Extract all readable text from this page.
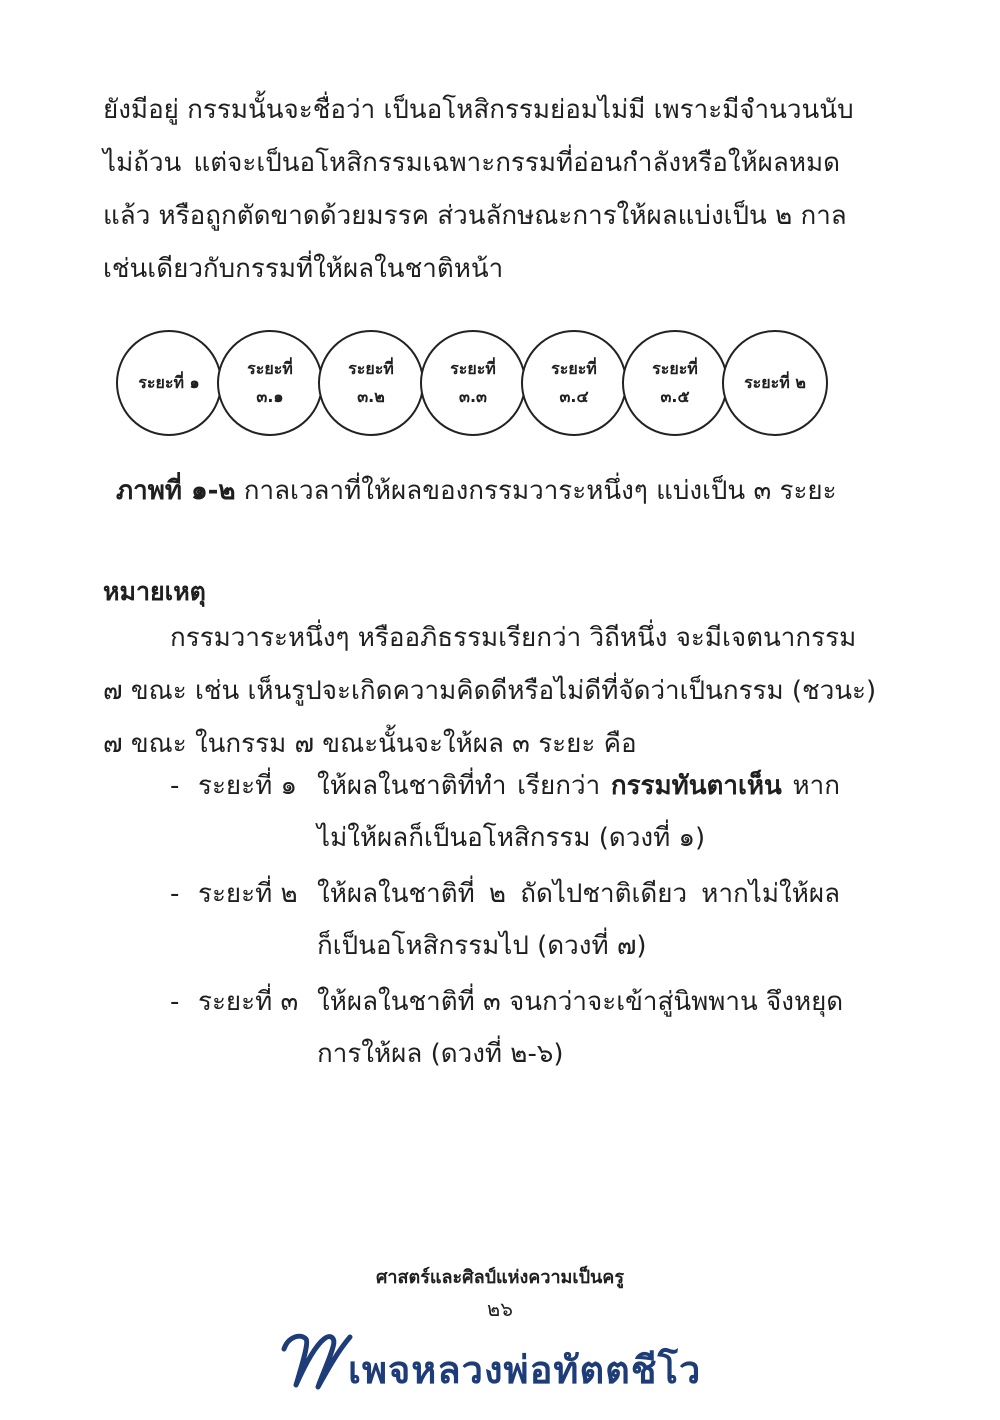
ยังมีอยู่ กรรมนั้นจะชื่อว่า เป็นอโหสิกรรมย่อมไม่มี เพราะมีจำนวนนับ
ไม่ถ้วน แต่จะเป็นอโหสิกรรมเฉพาะกรรมที่อ่อนกำลังหรือให้ผลหมด
แล้ว หรือถูกตัดขาดด้วยมรรค ส่วนลักษณะการให้ผลแบ่งเป็น ๒ กาล
เช่นเดียวกับกรรมที่ให้ผลในชาติหน้า
ระยะที่ ๑
ระยะที่
๓.๑
ระยะที่
๓.๒
ระยะที่
๓.๓
ระยะที่
๓.๔
ระยะที่
๓.๕
ระยะที่ ๒
ภาพที่ ๑-๒ กาลเวลาที่ให้ผลของกรรมวาระหนึ่งๆ แบ่งเป็น ๓ ระยะ
หมายเหตุ
กรรมวาระหนึ่งๆ หรืออภิธรรมเรียกว่า วิถีหนึ่ง จะมีเจตนากรรม
๗ ขณะ เช่น เห็นรูปจะเกิดความคิดดีหรือไม่ดีที่จัดว่าเป็นกรรม (ชวนะ)
๗ ขณะ ในกรรม ๗ ขณะนั้นจะให้ผล ๓ ระยะ คือ
- ระยะที่ ๑ ให้ผลในชาติที่ทำ เรียกว่า กรรมทันตาเห็น หาก
ไม่ให้ผลก็เป็นอโหสิกรรม (ดวงที่ ๑)
- ระยะที่ ๒ ให้ผลในชาติที่ ๒ ถัดไปชาติเดียว หากไม่ให้ผล
ก็เป็นอโหสิกรรมไป (ดวงที่ ๗)
- ระยะที่ ๓ ให้ผลในชาติที่ ๓ จนกว่าจะเข้าสู่นิพพาน จึงหยุด
การให้ผล (ดวงที่ ๒-๖)
ศาสตร์และศิลป์แห่งความเป็นครู
๒๖
เพจหลวงพ่อทัตตชีโว
